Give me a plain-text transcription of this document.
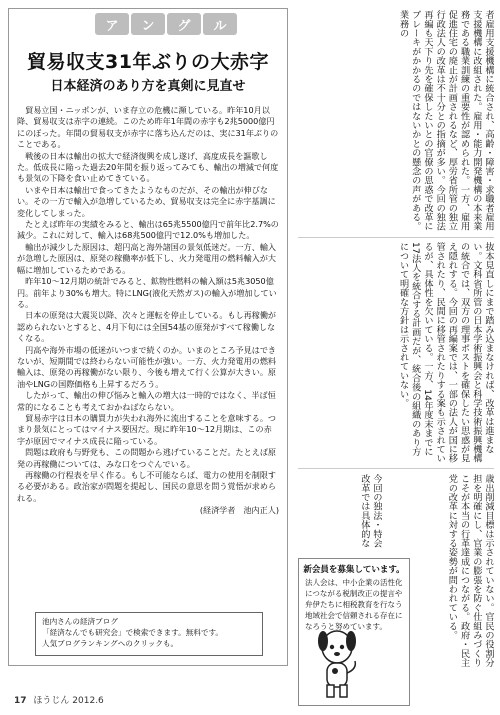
ア	ン	グ	ル
貿易収支31年ぶりの大赤字
日本経済のあり方を真剣に見直せ

貿易立国・ニッポンが、いま存立の危機に瀕している。昨年10月以降、貿易収支は赤字の連続。このため昨年1年間の赤字も2兆5000億円にのぼった。年間の貿易収支が赤字に落ち込んだのは、実に31年ぶりのことである。

戦後の日本は輸出の拡大で経済復興を成し遂げ、高度成長を謳歌した。低成長に陥った過去20年間を振り返ってみても、輸出の増減で何度も景気の下降を食い止めてきている。

いまや日本は輸出で食ってきたようなものだが、その輸出が伸びない。その一方で輸入が急増しているため、貿易収支は完全に赤字基調に変化してしまった。

たとえば昨年の実績をみると、輸出は65兆5500億円で前年比2.7%の減少。これに対して、輸入は68兆500億円で12.0%も増加した。

輸出が減少した原因は、超円高と海外諸国の景気低迷だ。一方、輸入が急増した原因は、原発の稼働率が低下し、火力発電用の燃料輸入が大幅に増加しているためである。

昨年10～12月期の統計でみると、鉱物性燃料の輸入額は5兆3050億円。前年より30%も増大。特にLNG(液化天然ガス)の輸入が増加している。

日本の原発は大震災以降、次々と運転を停止している。もし再稼働が認められないとすると、4月下旬には全国54基の原発がすべて稼働しなくなる。

円高や海外市場の低迷がいつまで続くのか。いまのところ予見はできないが、短期間では終わらない可能性が強い。一方、火力発電用の燃料輸入は、原発の再稼働がない限り、今後も増えて行く公算が大きい。原油やLNGの国際価格も上昇するだろう。

したがって、輸出の伸び悩みと輸入の増大は一時的ではなく、半ば恒常的になることも考えておかねばならない。

貿易赤字は日本の購買力が失われ海外に流出することを意味する。つまり景気にとってはマイナス要因だ。現に昨年10～12月期は、この赤字が原因でマイナス成長に陥っている。

問題は政府も与野党も、この問題から逃げていることだ。たとえば原発の再稼働については、みな口をつぐんでいる。

再稼働の行程表を早く作る。もし不可能ならば、電力の使用を制限する必要がある。政治家が問題を提起し、国民の意思を問う覚悟が求められる。

(経済学者　池内正人)

池内さんの経済ブログ
「経済なんでも研究会」で検索できます。無料です。
人気ブログランキングへのクリックも。
者雇用支援機構に統合され、高齢・障害・求職者雇用支援機構に改組された。雇用・能力開発機構の本来業務である職業訓練の重要性が認められた。一方、雇用促進住宅の廃止が計画されるなど、厚労省所管の独立行政法人の改革は不十分との指摘が多い。今回の独法再編も天下り先を確保したいとの官僚の思惑で改革にブレーキがかかるのではないかとの懸念の声がある。業務の
抜本見直しにまで踏み込まなければ、改革は進まない。文科省所管の日本学術振興会と科学技術振興機構の統合では、双方の理事ポストを確保したい思惑が見え隠れする。今回の再編案では、一部の法人が国に移管されたり、民間に移管されたりする案も示されているが、具体性を欠いている。一方、14年度末までに17法人を統合する計画だが、統合後の組織のあり方について明確な方針は示されていない。
歳出削減目標は示されていない。官民の役割分担を明確にし、官業の膨張を防ぐ仕組みづくりこそが本当の行革達成につながる。政府・民主党の改革に対する姿勢が問われている。
今回の独法・特会改革では具体的な
新会員を募集しています。
法人会は、中小企業の活性化につながる税制改正の提言や弁伊たちに相税教育を行なう地域社会で信頼される存在になろうと努めています。
17 ほうじん 2012.6
